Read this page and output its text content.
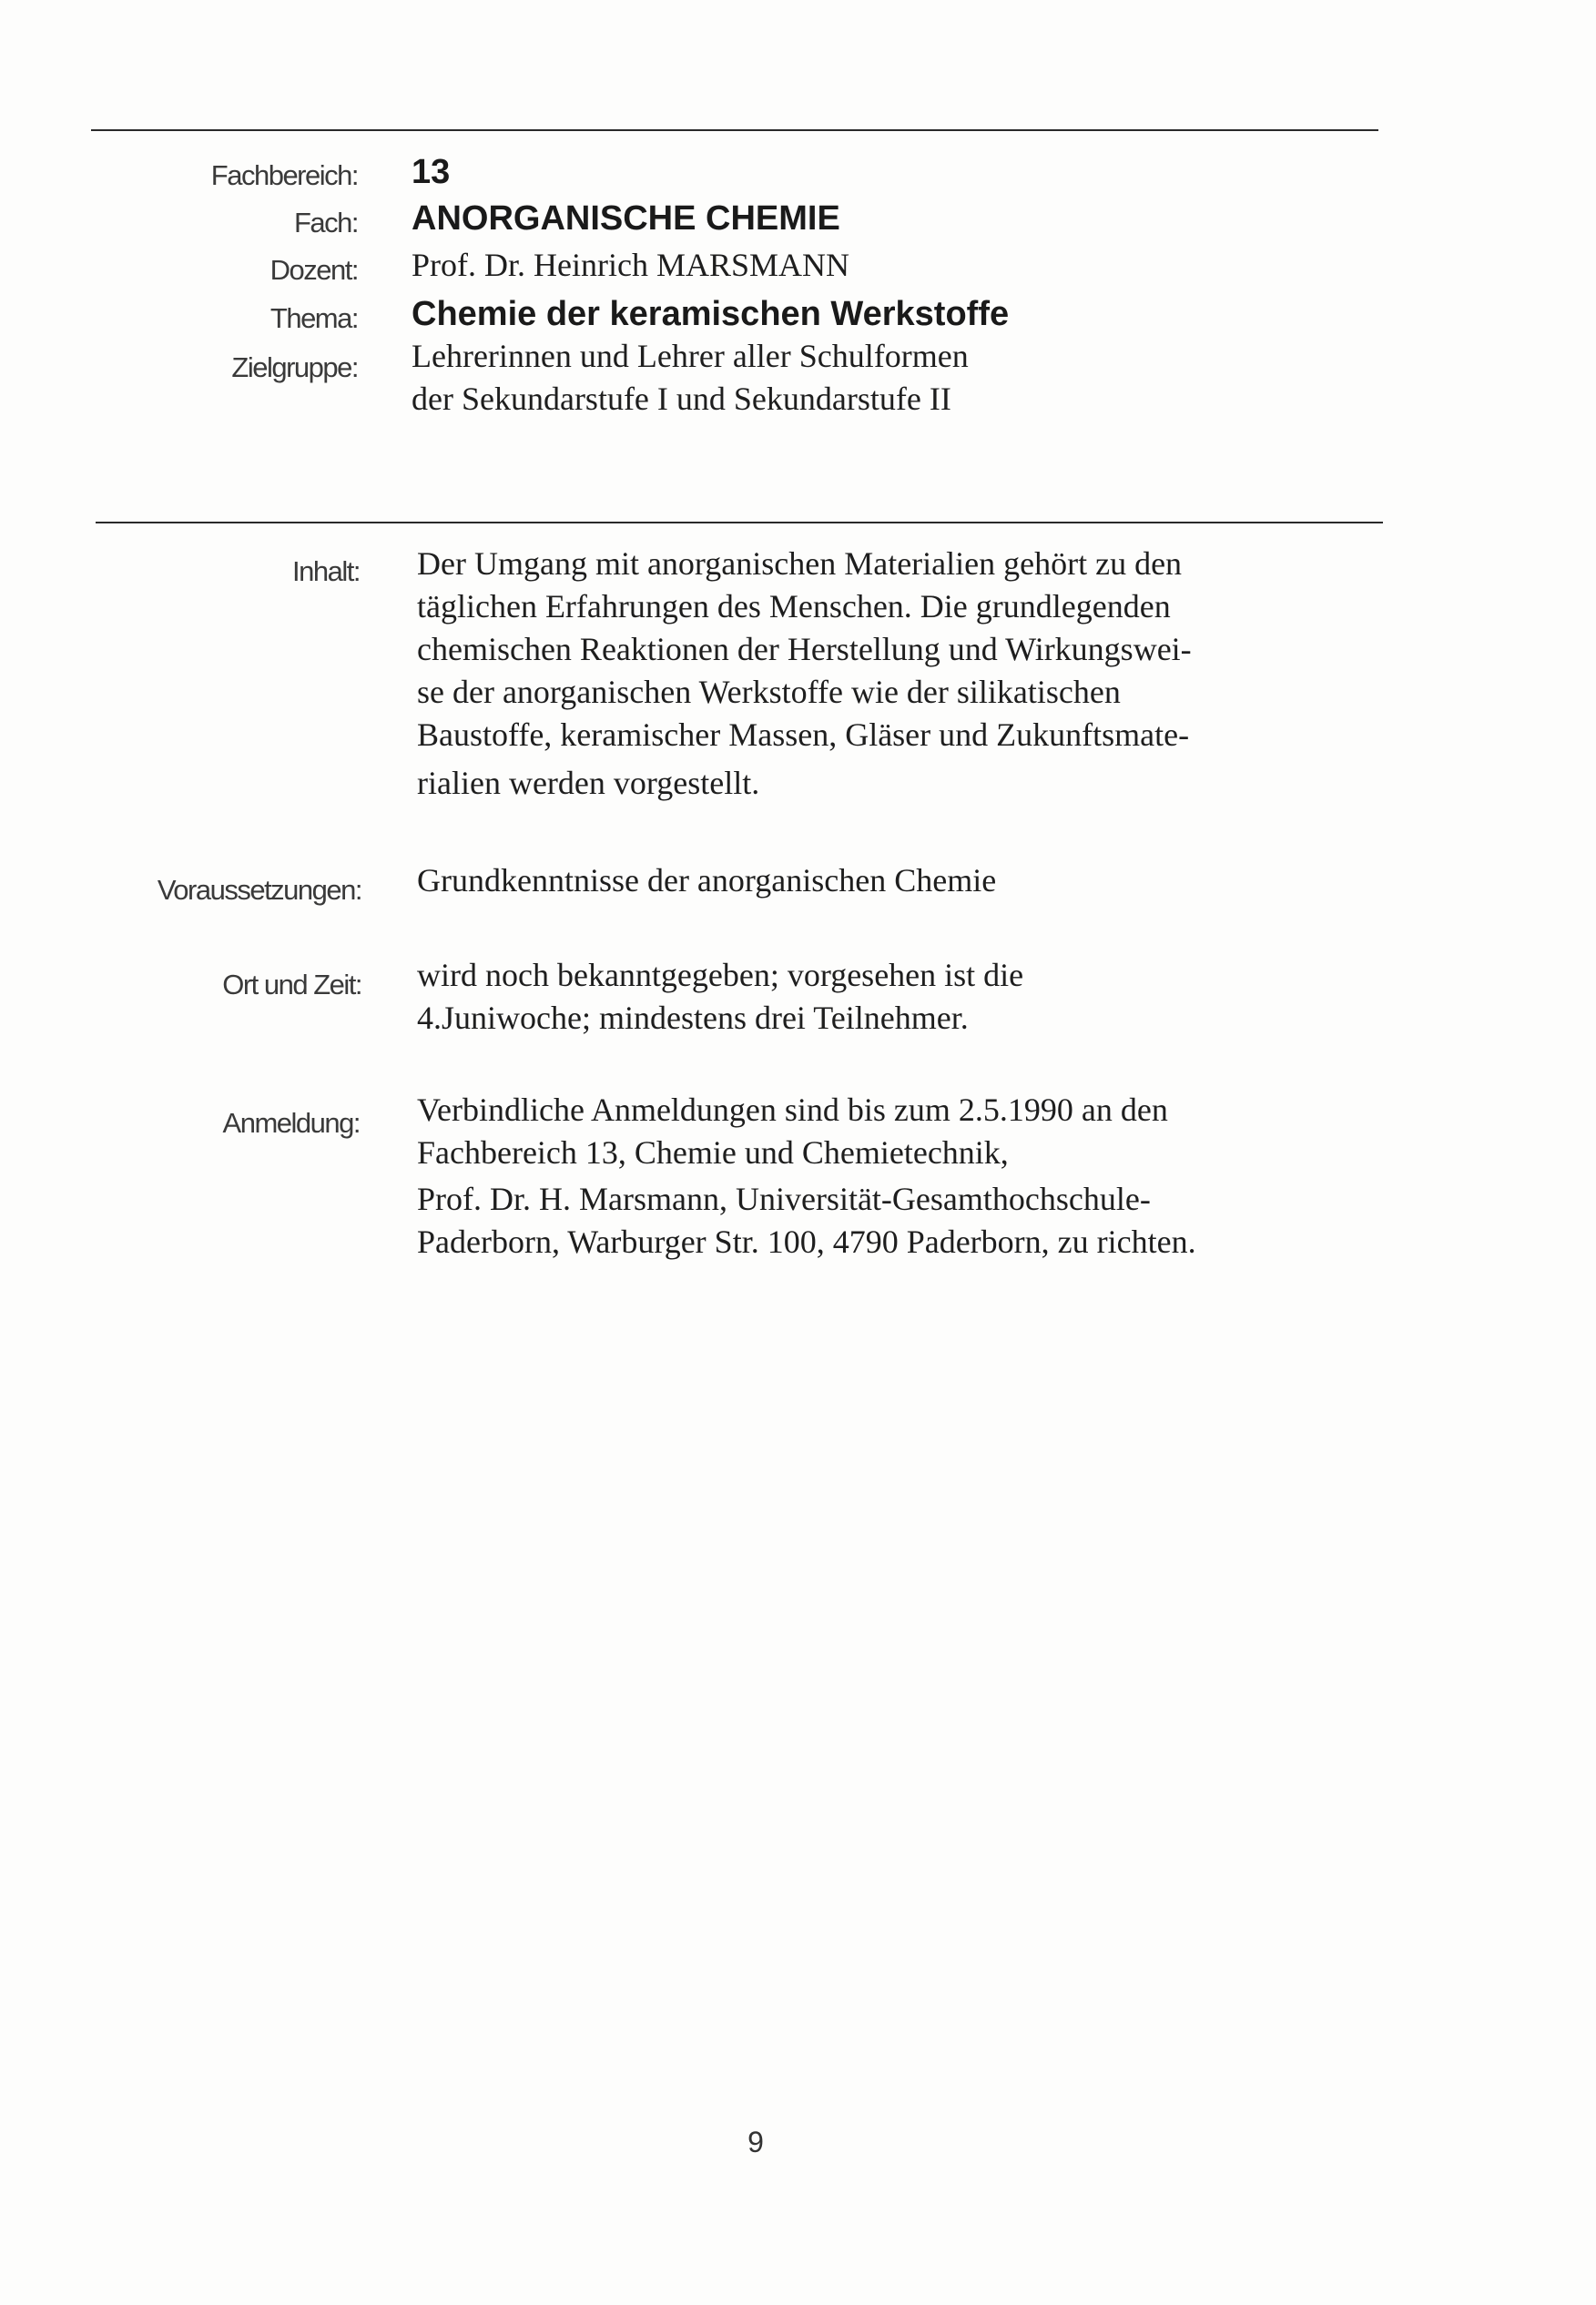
Fachbereich: 13
Fach: ANORGANISCHE CHEMIE
Dozent: Prof. Dr. Heinrich MARSMANN
Thema: Chemie der keramischen Werkstoffe
Zielgruppe: Lehrerinnen und Lehrer aller Schulformen
der Sekundarstufe I und Sekundarstufe II
Inhalt: Der Umgang mit anorganischen Materialien gehört zu den
täglichen Erfahrungen des Menschen. Die grundlegenden
chemischen Reaktionen der Herstellung und Wirkungswei-
se der anorganischen Werkstoffe wie der silikatischen
Baustoffe, keramischer Massen, Gläser und Zukunftsmate-
rialien werden vorgestellt.
Voraussetzungen: Grundkenntnisse der anorganischen Chemie
Ort und Zeit: wird noch bekanntgegeben; vorgesehen ist die
4.Juniwoche; mindestens drei Teilnehmer.
Anmeldung: Verbindliche Anmeldungen sind bis zum 2.5.1990 an den
Fachbereich 13, Chemie und Chemietechnik,
Prof. Dr. H. Marsmann, Universität-Gesamthochschule-
Paderborn, Warburger Str. 100, 4790 Paderborn, zu richten.
9
